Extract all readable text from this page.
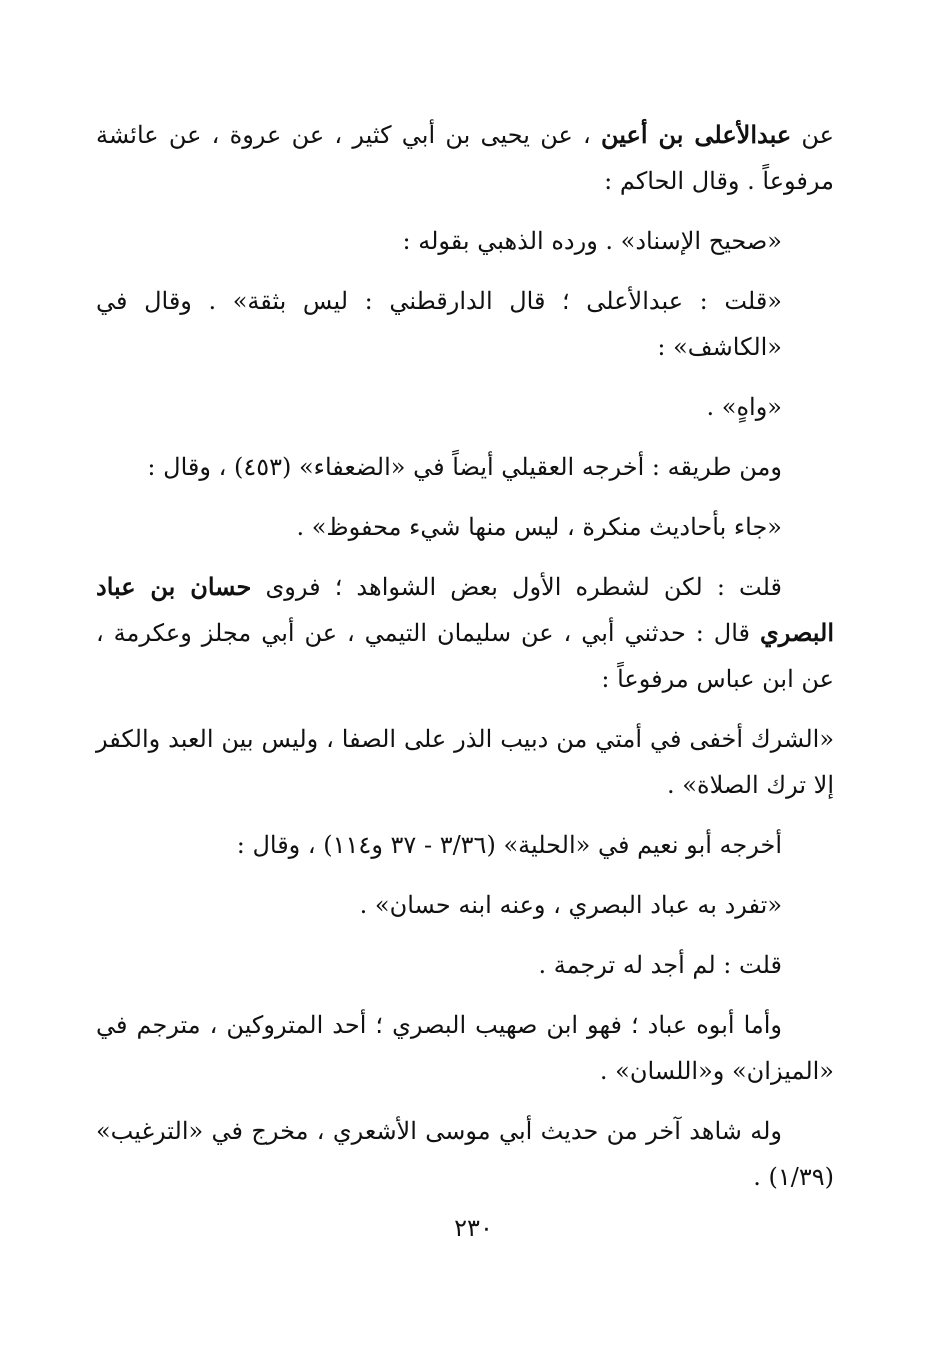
عن عبدالأعلى بن أعين ، عن يحيى بن أبي كثير ، عن عروة ، عن عائشة مرفوعاً . وقال الحاكم :

«صحيح الإسناد» . ورده الذهبي بقوله :

«قلت : عبدالأعلى ؛ قال الدارقطني : ليس بثقة» . وقال في «الكاشف» :

«واهٍ» .

ومن طريقه : أخرجه العقيلي أيضاً في «الضعفاء» (٤٥٣) ، وقال :

«جاء بأحاديث منكرة ، ليس منها شيء محفوظ» .

قلت : لكن لشطره الأول بعض الشواهد ؛ فروى حسان بن عباد البصري قال : حدثني أبي ، عن سليمان التيمي ، عن أبي مجلز وعكرمة ، عن ابن عباس مرفوعاً :

«الشرك أخفى في أمتي من دبيب الذر على الصفا ، وليس بين العبد والكفر إلا ترك الصلاة» .

أخرجه أبو نعيم في «الحلية» (٣/٣٦ - ٣٧ و١١٤) ، وقال :

«تفرد به عباد البصري ، وعنه ابنه حسان» .

قلت : لم أجد له ترجمة .

وأما أبوه عباد ؛ فهو ابن صهيب البصري ؛ أحد المتروكين ، مترجم في «الميزان» و«اللسان» .

وله شاهد آخر من حديث أبي موسى الأشعري ، مخرج في «الترغيب» (١/٣٩) .

٢٣٠
